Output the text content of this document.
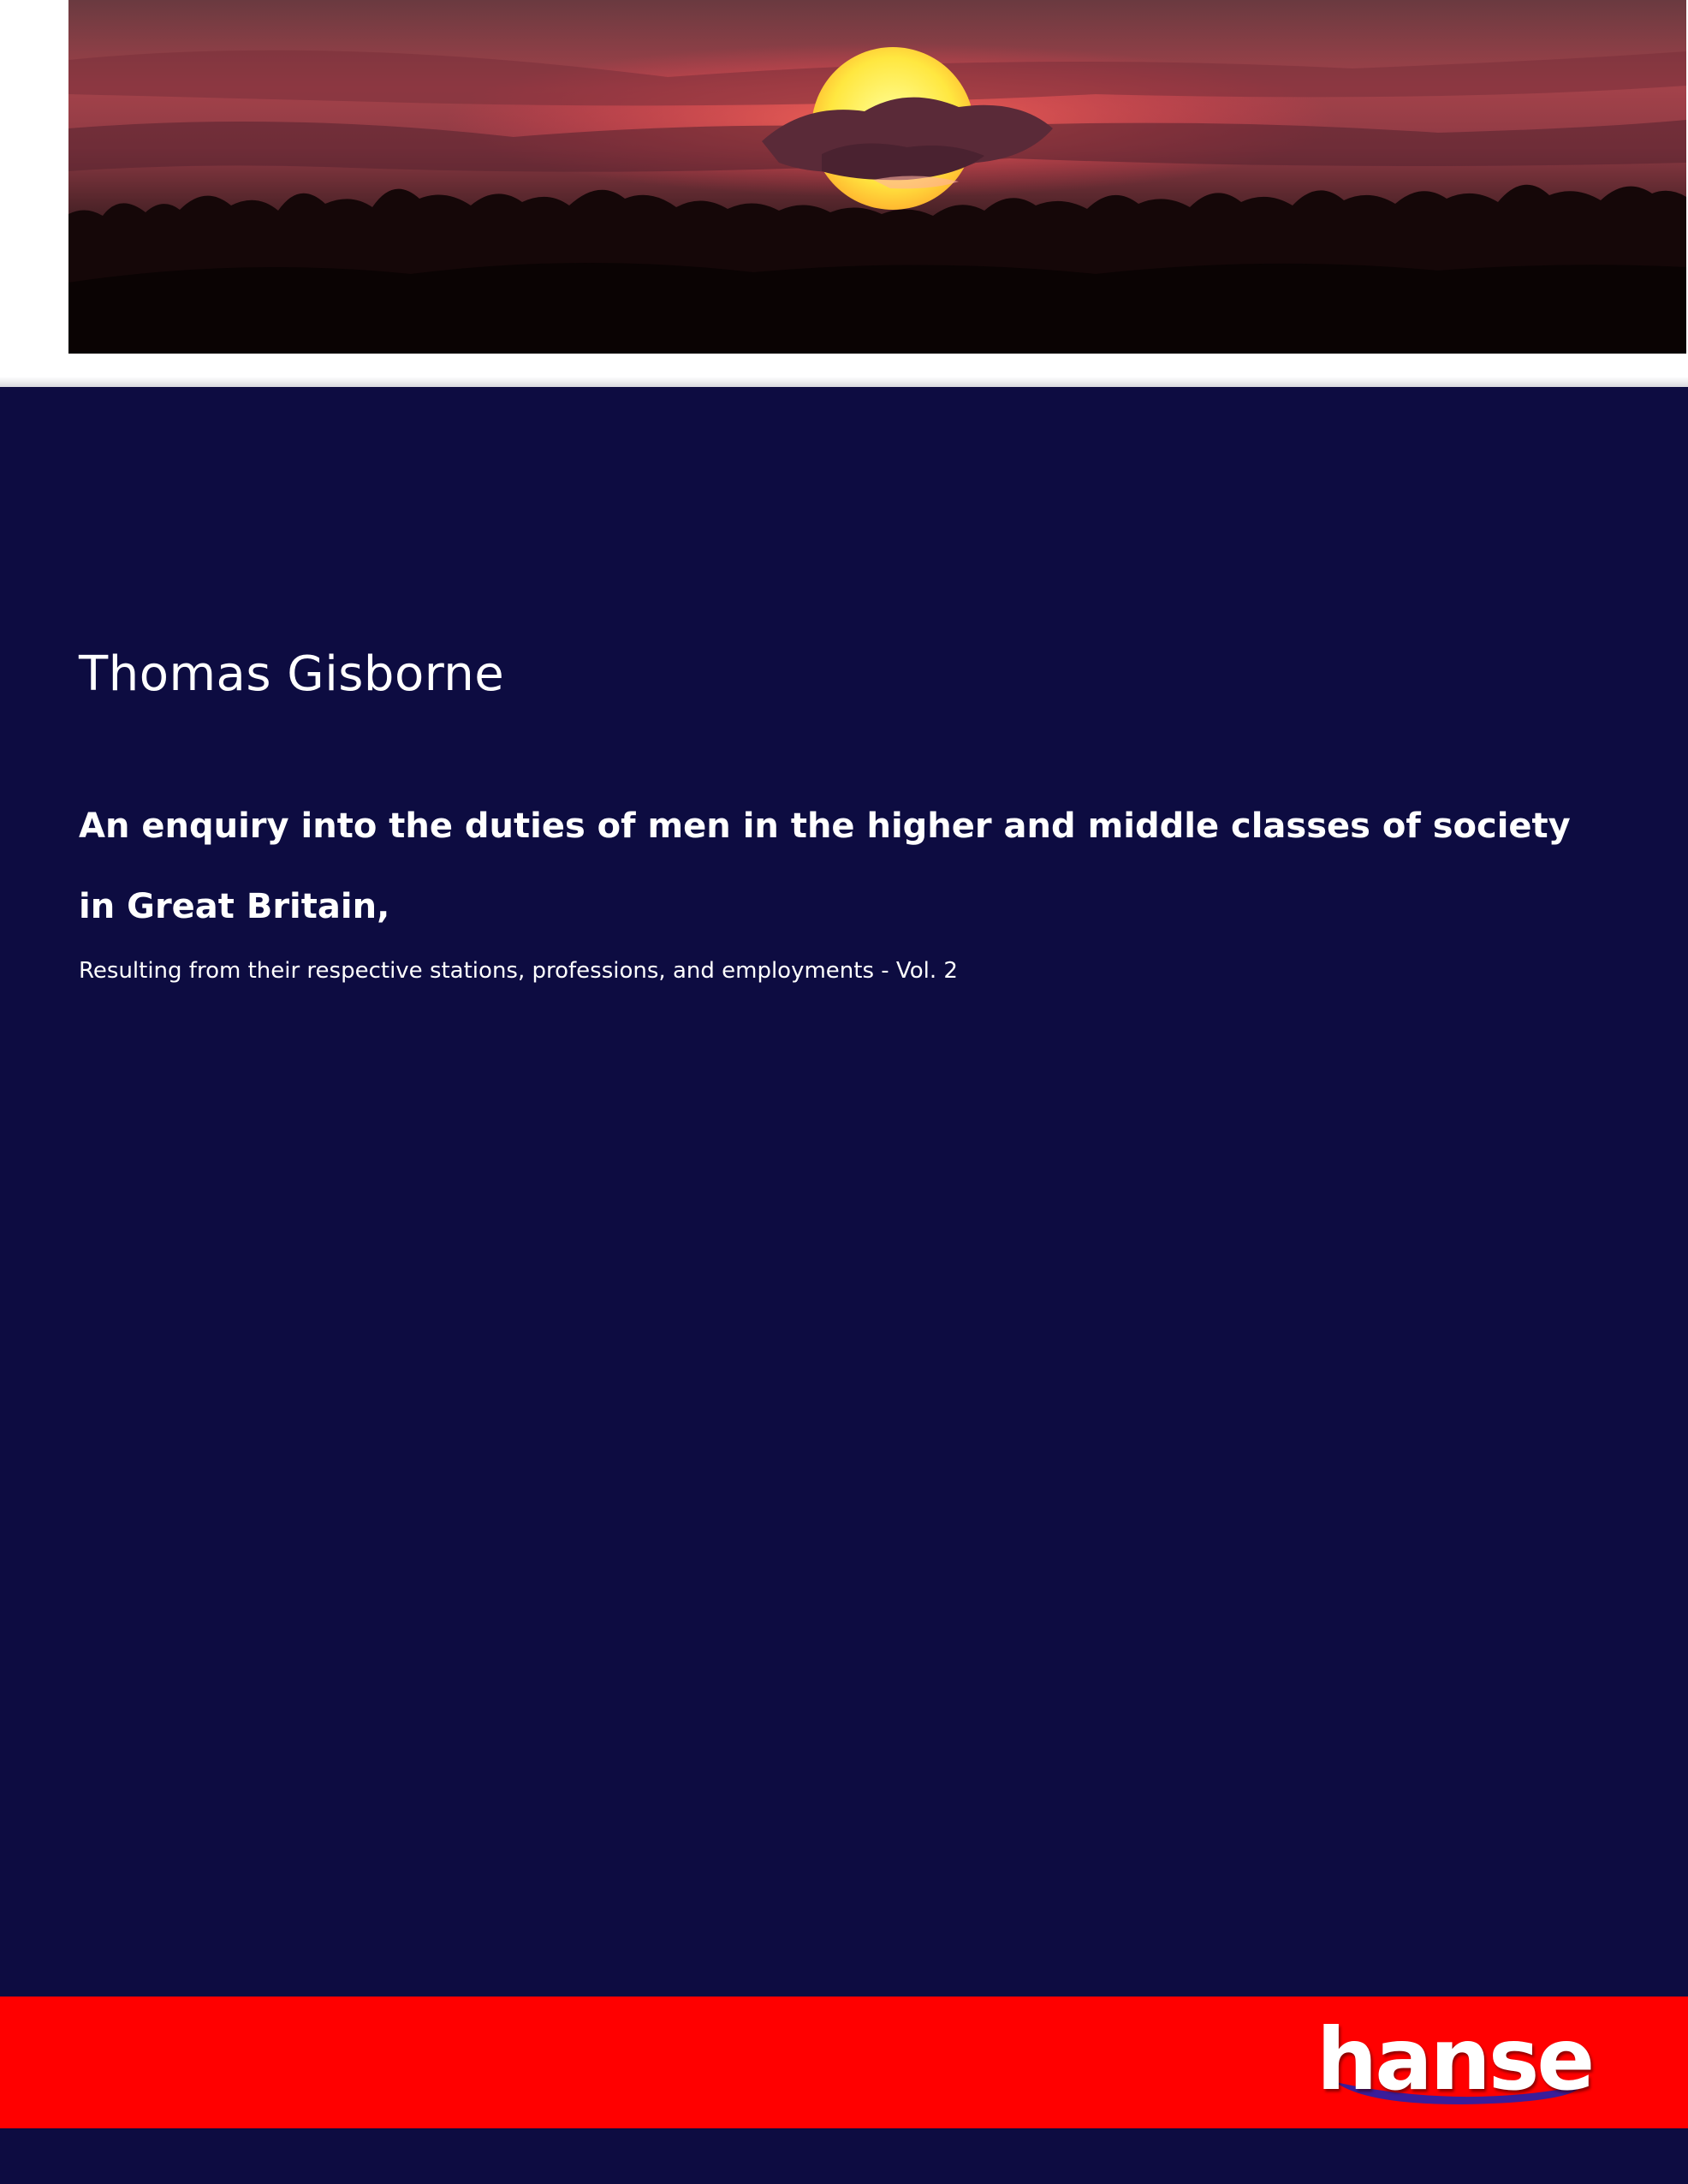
Thomas Gisborne
An enquiry into the duties of men in the higher and middle classes of society in Great Britain,

Resulting from their respective stations, professions, and employments - Vol. 2

hanse
